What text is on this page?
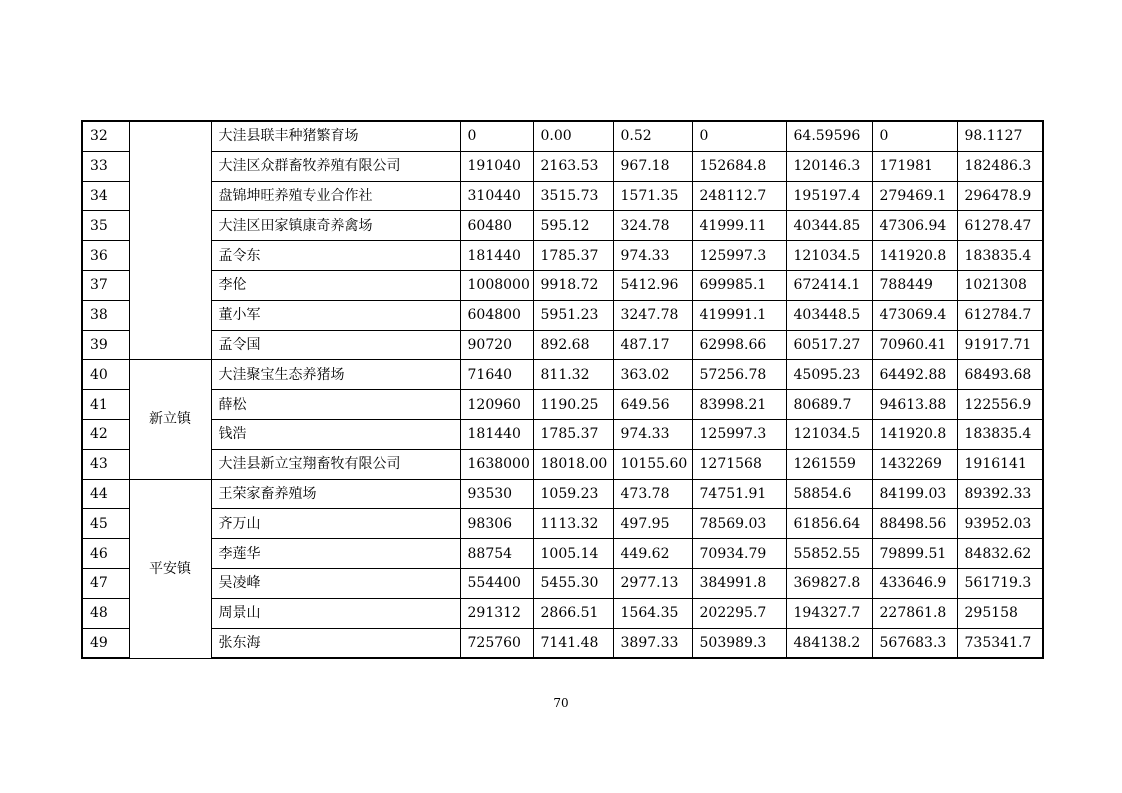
32		大洼县联丰种猪繁育场	0	0.00	0.52	0	64.59596	0	98.1127
33		大洼区众群畜牧养殖有限公司	191040	2163.53	967.18	152684.8	120146.3	171981	182486.3
34		盘锦坤旺养殖专业合作社	310440	3515.73	1571.35	248112.7	195197.4	279469.1	296478.9
35		大洼区田家镇康奇养禽场	60480	595.12	324.78	41999.11	40344.85	47306.94	61278.47
36		孟令东	181440	1785.37	974.33	125997.3	121034.5	141920.8	183835.4
37		李伦	1008000	9918.72	5412.96	699985.1	672414.1	788449	1021308
38		董小军	604800	5951.23	3247.78	419991.1	403448.5	473069.4	612784.7
39		孟令国	90720	892.68	487.17	62998.66	60517.27	70960.41	91917.71
40	新立镇	大洼聚宝生态养猪场	71640	811.32	363.02	57256.78	45095.23	64492.88	68493.68
41		薛松	120960	1190.25	649.56	83998.21	80689.7	94613.88	122556.9
42		钱浩	181440	1785.37	974.33	125997.3	121034.5	141920.8	183835.4
43		大洼县新立宝翔畜牧有限公司	1638000	18018.00	10155.60	1271568	1261559	1432269	1916141
44	平安镇	王荣家畜养殖场	93530	1059.23	473.78	74751.91	58854.6	84199.03	89392.33
45		齐万山	98306	1113.32	497.95	78569.03	61856.64	88498.56	93952.03
46		李莲华	88754	1005.14	449.62	70934.79	55852.55	79899.51	84832.62
47		吴凌峰	554400	5455.30	2977.13	384991.8	369827.8	433646.9	561719.3
48		周景山	291312	2866.51	1564.35	202295.7	194327.7	227861.8	295158
49		张东海	725760	7141.48	3897.33	503989.3	484138.2	567683.3	735341.7
70
